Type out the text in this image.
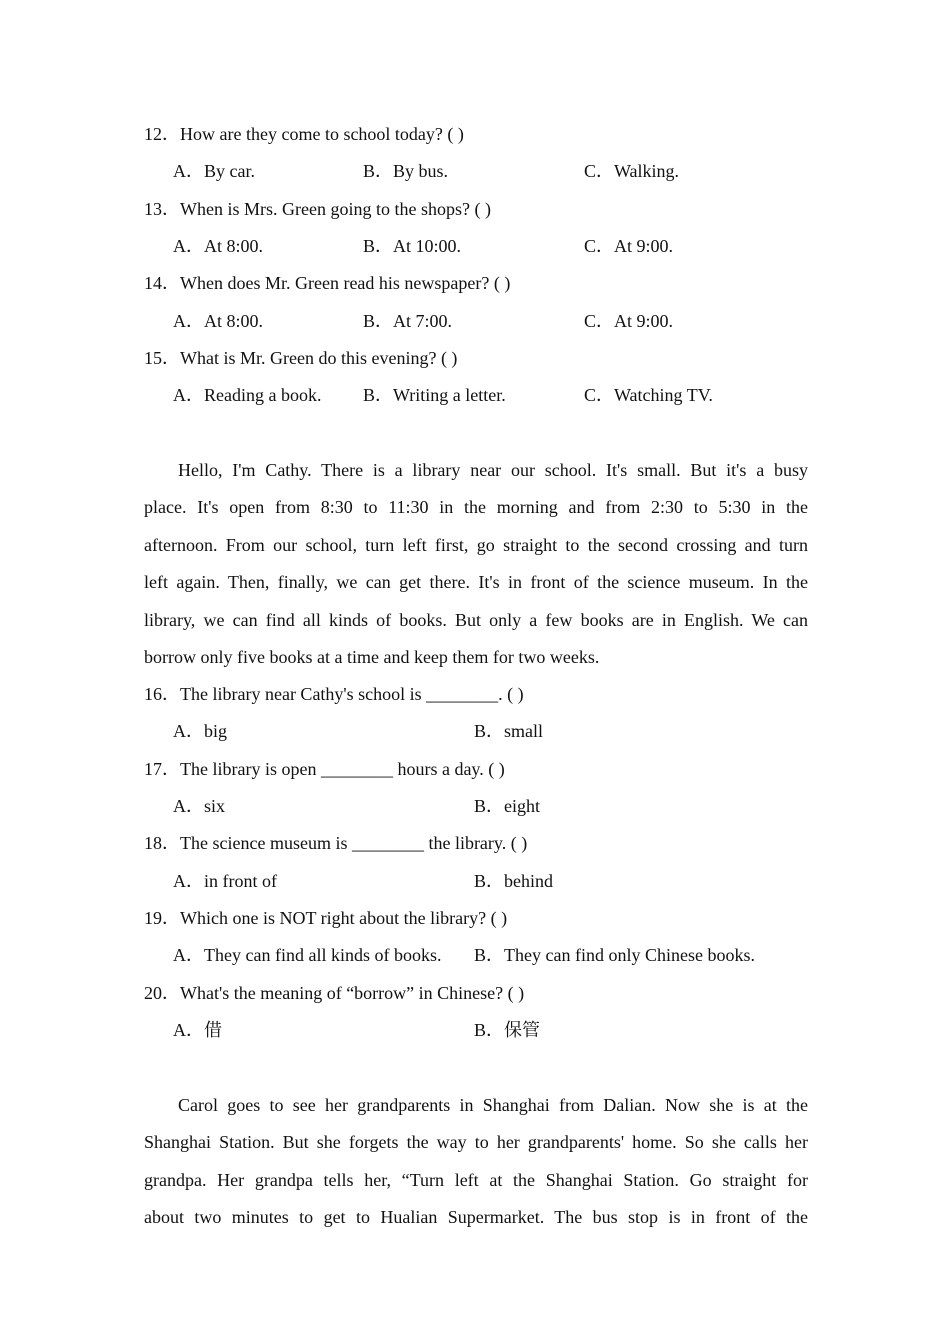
12．How are they come to school today? ( )
A．By car.	B．By bus.	C．Walking.
13．When is Mrs. Green going to the shops? ( )
A．At 8:00.	B．At 10:00.	C．At 9:00.
14．When does Mr. Green read his newspaper? ( )
A．At 8:00.	B．At 7:00.	C．At 9:00.
15．What is Mr. Green do this evening? ( )
A．Reading a book. B．Writing a letter.	C．Watching TV.
Hello, I'm Cathy. There is a library near our school. It's small. But it's a busy
place. It's open from 8:30 to 11:30 in the morning and from 2:30 to 5:30 in the
afternoon. From our school, turn left first, go straight to the second crossing and turn
left again. Then, finally, we can get there. It's in front of the science museum. In the
library, we can find all kinds of books. But only a few books are in English. We can
borrow only five books at a time and keep them for two weeks.
16．The library near Cathy's school is ________. ( )
A．big	B．small
17．The library is open ________ hours a day. ( )
A．six	B．eight
18．The science museum is ________ the library. ( )
A．in front of	B．behind
19．Which one is NOT right about the library? ( )
A．They can find all kinds of books. B．They can find only Chinese books.
20．What's the meaning of “borrow” in Chinese? ( )
A．借	B．保管
Carol goes to see her grandparents in Shanghai from Dalian. Now she is at the
Shanghai Station. But she forgets the way to her grandparents' home. So she calls her
grandpa. Her grandpa tells her, “Turn left at the Shanghai Station. Go straight for
about two minutes to get to Hualian Supermarket. The bus stop is in front of the
